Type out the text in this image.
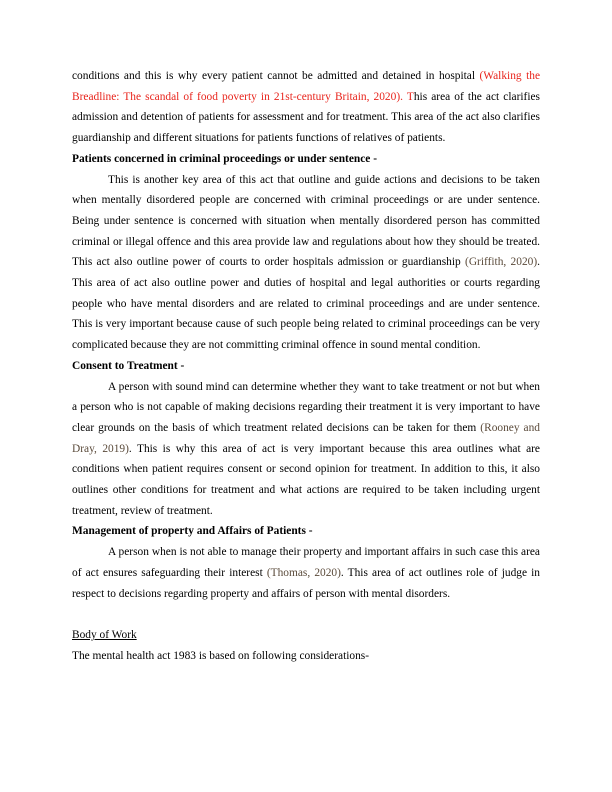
conditions and this is why every patient cannot be admitted and detained in hospital (Walking the Breadline: The scandal of food poverty in 21st-century Britain, 2020). This area of the act clarifies admission and detention of patients for assessment and for treatment. This area of the act also clarifies guardianship and different situations for patients functions of relatives of patients.

Patients concerned in criminal proceedings or under sentence -

This is another key area of this act that outline and guide actions and decisions to be taken when mentally disordered people are concerned with criminal proceedings or are under sentence. Being under sentence is concerned with situation when mentally disordered person has committed criminal or illegal offence and this area provide law and regulations about how they should be treated. This act also outline power of courts to order hospitals admission or guardianship (Griffith, 2020). This area of act also outline power and duties of hospital and legal authorities or courts regarding people who have mental disorders and are related to criminal proceedings and are under sentence. This is very important because cause of such people being related to criminal proceedings can be very complicated because they are not committing criminal offence in sound mental condition.

Consent to Treatment -

A person with sound mind can determine whether they want to take treatment or not but when a person who is not capable of making decisions regarding their treatment it is very important to have clear grounds on the basis of which treatment related decisions can be taken for them (Rooney and Dray, 2019). This is why this area of act is very important because this area outlines what are conditions when patient requires consent or second opinion for treatment. In addition to this, it also outlines other conditions for treatment and what actions are required to be taken including urgent treatment, review of treatment.

Management of property and Affairs of Patients -

A person when is not able to manage their property and important affairs in such case this area of act ensures safeguarding their interest (Thomas, 2020). This area of act outlines role of judge in respect to decisions regarding property and affairs of person with mental disorders.

Body of Work

The mental health act 1983 is based on following considerations-
